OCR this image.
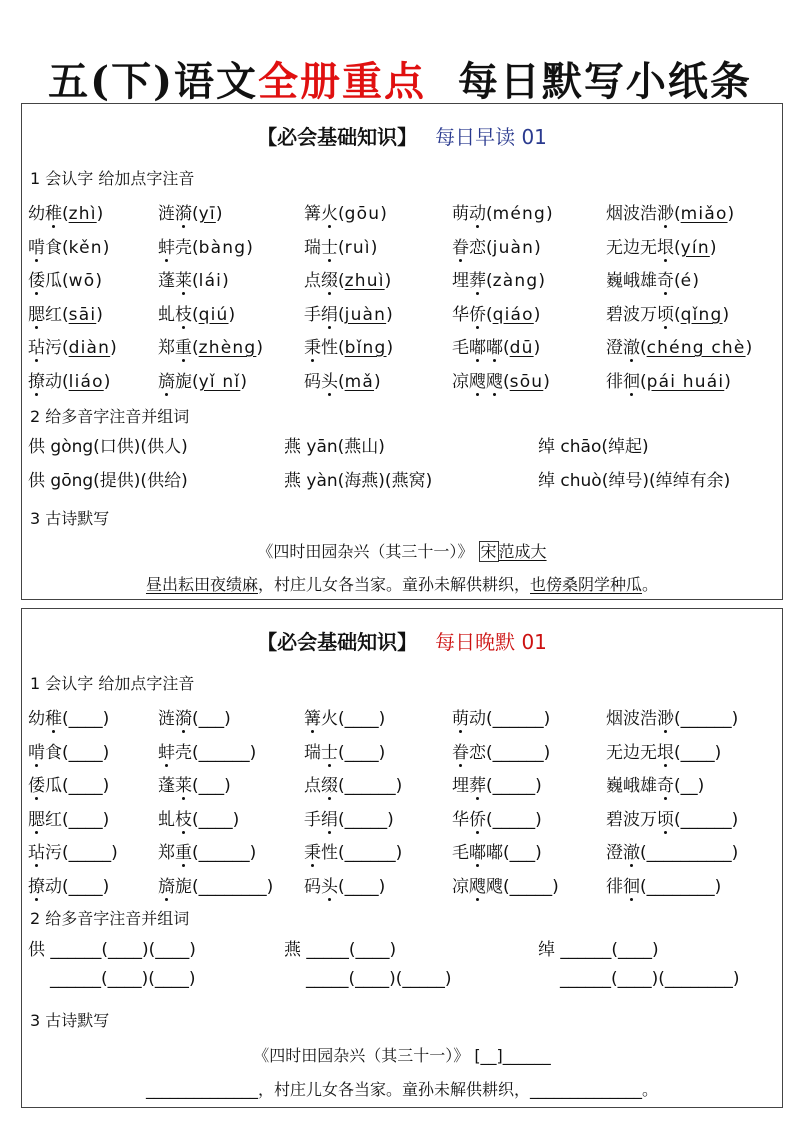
五(下)语文全册重点 每日默写小纸条
【必会基础知识】 每日早读 01
1 会认字 给加点字注音
幼稚(zhì)	涟漪(yī)	篝火(gōu)	萌动(méng)	烟波浩渺(miǎo)
啃食(kěn)	蚌壳(bàng)	瑞士(ruì)	眷恋(juàn)	无边无垠(yín)
倭瓜(wō)	蓬莱(lái)	点缀(zhuì)	埋葬(zàng)	巍峨雄奇(é)
腮红(sāi)	虬枝(qiú)	手绢(juàn)	华侨(qiáo)	碧波万顷(qǐng)
玷污(diàn) 郑重(zhèng) 秉性(bǐng)	毛嘟嘟(dū)	澄澈(chéng chè)
撩动(liáo)	旖旎(yǐ nǐ)	码头(mǎ)	凉飕飕(sōu)	徘徊(pái huái)
2 给多音字注音并组词
供 gòng(口供)(供人)	燕 yān(燕山)	绰 chāo(绰起)
供 gōng(提供)(供给)	燕 yàn(海燕)(燕窝)	绰 chuò(绰号)(绰绰有余)
3 古诗默写
《四时田园杂兴（其三十一）》 宋 范成大
昼出耘田夜绩麻，村庄儿女各当家。童孙未解供耕织，也傍桑阴学种瓜。
【必会基础知识】 每日晚默 01
1 会认字 给加点字注音
幼稚(____)	涟漪(___)	篝火(____)	萌动(______)	烟波浩渺(______)
啃食(____)	蚌壳(______)	瑞士(____)	眷恋(______)	无边无垠(____)
倭瓜(____)	蓬莱(___)	点缀(______)	埋葬(_____)	巍峨雄奇(__)
腮红(____)	虬枝(____)	手绢(_____)	华侨(_____)	碧波万顷(______)
玷污(_____) 郑重(______)	秉性(______)	毛嘟嘟(___)	澄澈(__________)
撩动(____)	旖旎(________) 码头(____)	凉飕飕(_____)	徘徊(________)
2 给多音字注音并组词
供 ______(____)(____)	燕 _____(____)	绰 ______(____)
______(____)(____)	_____(____)(_____)	______(____)(________)
3 古诗默写
《四时田园杂兴（其三十一）》 [__]______
______________，村庄儿女各当家。童孙未解供耕织，______________。
